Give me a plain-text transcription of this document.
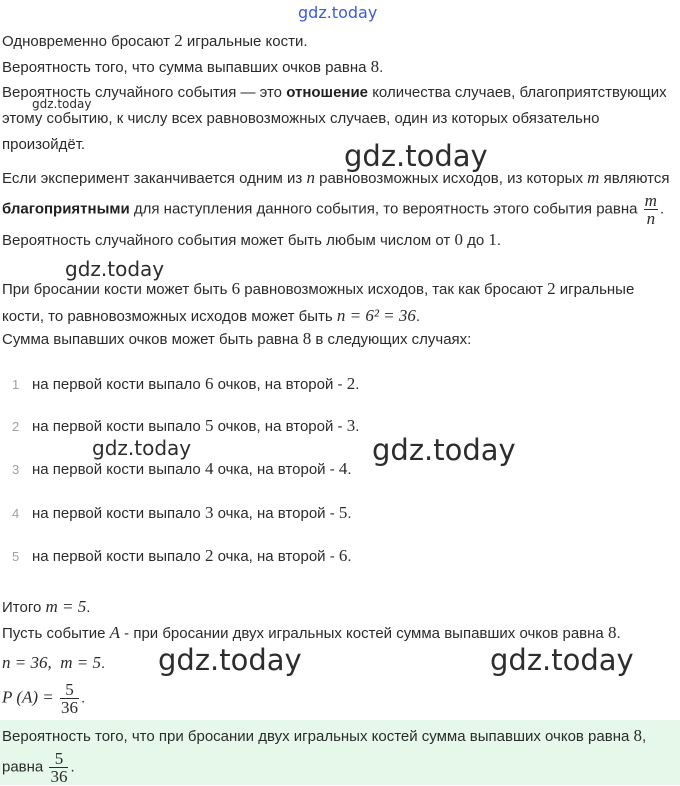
Одновременно бросают 2 игральные кости.
Вероятность того, что сумма выпавших очков равна 8.
Вероятность случайного события — это отношение количества случаев, благоприятствующих этому событию, к числу всех равновозможных случаев, один из которых обязательно произойдёт.
Если эксперимент заканчивается одним из n равновозможных исходов, из которых m являются благоприятными для наступления данного события, то вероятность этого события равна $\frac{m}{n}$ . Вероятность случайного события может быть любым числом от 0 до 1.
При бросании кости может быть 6 равновозможных исходов, так как бросают 2 игральные кости, то равновозможных исходов может быть n = 6² = 36.
Сумма выпавших очков может быть равна 8 в следующих случаях:
1 на первой кости выпало 6 очков, на второй - 2.
2 на первой кости выпало 5 очков, на второй - 3.
3 на первой кости выпало 4 очка, на второй - 4.
4 на первой кости выпало 3 очка, на второй - 5.
5 на первой кости выпало 2 очка, на второй - 6.
Итого m = 5.
Пусть событие A - при бросании двух игральных костей сумма выпавших очков равна 8.
n = 36,  m = 5.
P $(A) = \frac{5}{36}$ .
Вероятность того, что при бросании двух игральных костей сумма выпавших очков равна 8, равна $\frac{5}{36}$ .
gdz.today
gdz.today
gdz.today
gdz.today
gdz.today	gdz.today
gdz.today	gdz.today
